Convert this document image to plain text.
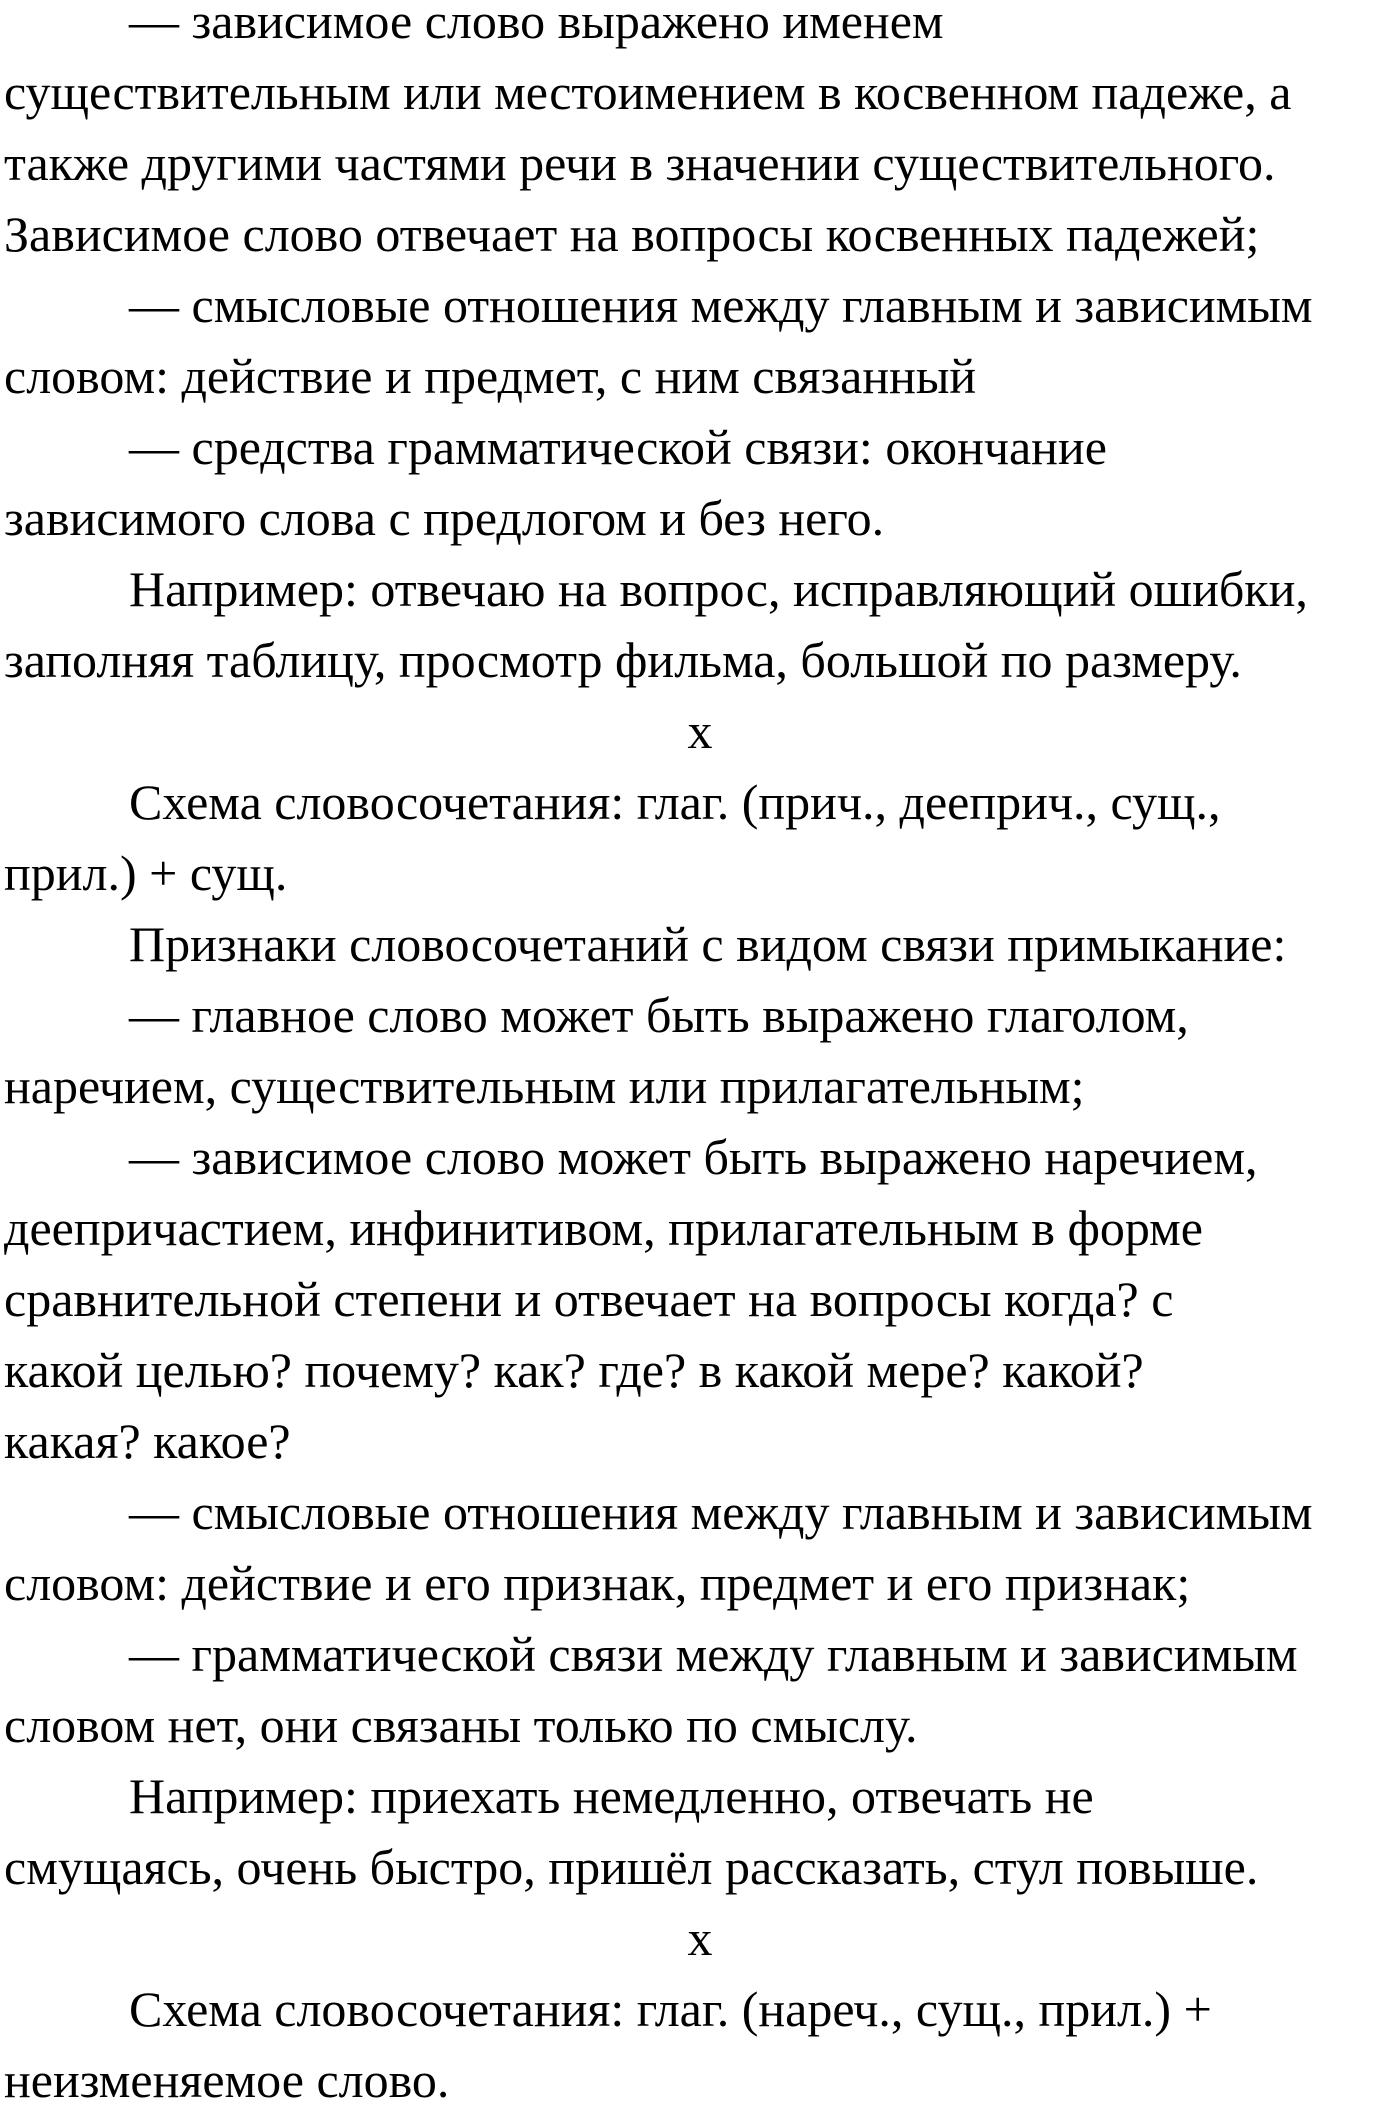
— зависимое слово выражено именем
существительным или местоимением в косвенном падеже, а
также другими частями речи в значении существительного.
Зависимое слово отвечает на вопросы косвенных падежей;

— смысловые отношения между главным и зависимым
словом: действие и предмет, с ним связанный

— средства грамматической связи: окончание
зависимого слова с предлогом и без него.

Например: отвечаю на вопрос, исправляющий ошибки,
заполняя таблицу, просмотр фильма, большой по размеру.

x

Схема словосочетания: глаг. (прич., дееприч., сущ.,
прил.) + сущ.

Признаки словосочетаний с видом связи примыкание:

— главное слово может быть выражено глаголом,
наречием, существительным или прилагательным;

— зависимое слово может быть выражено наречием,
деепричастием, инфинитивом, прилагательным в форме
сравнительной степени и отвечает на вопросы когда? с
какой целью? почему? как? где? в какой мере? какой?
какая? какое?

— смысловые отношения между главным и зависимым
словом: действие и его признак, предмет и его признак;

— грамматической связи между главным и зависимым
словом нет, они связаны только по смыслу.

Например: приехать немедленно, отвечать не
смущаясь, очень быстро, пришёл рассказать, стул повыше.

x

Схема словосочетания: глаг. (нареч., сущ., прил.) +
неизменяемое слово.
